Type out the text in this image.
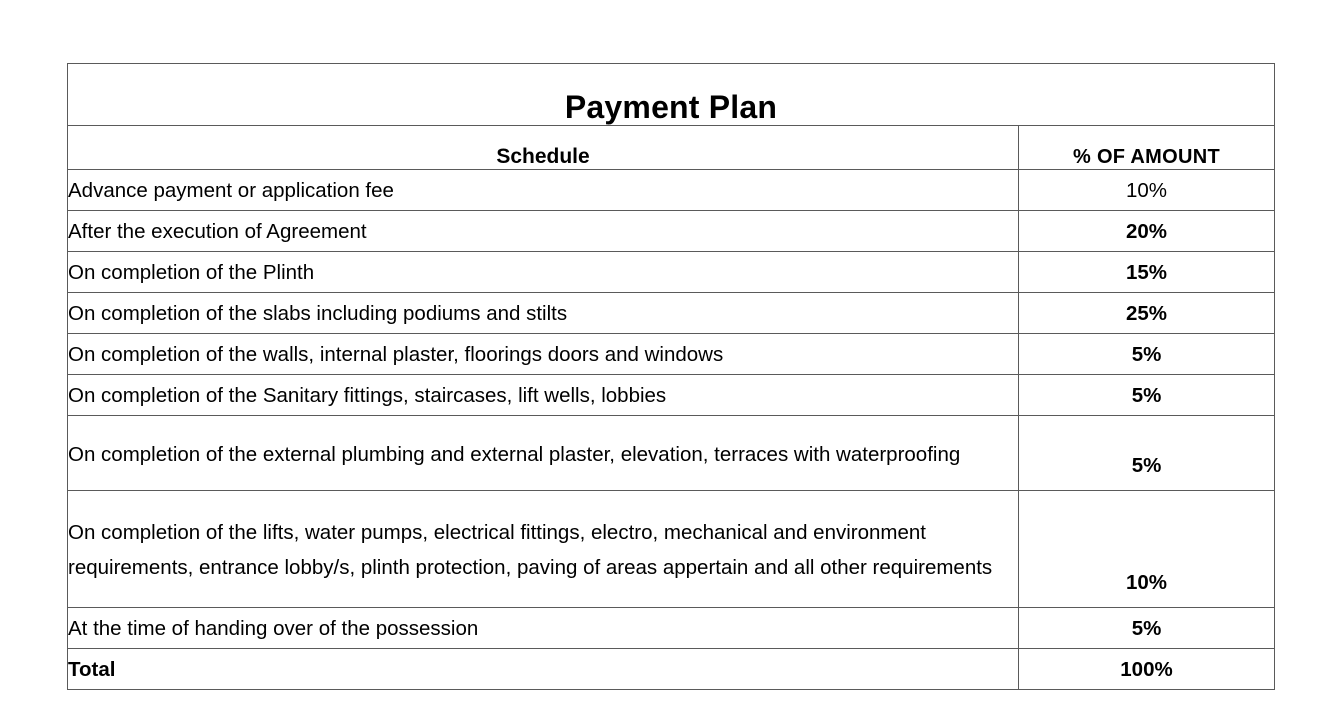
Payment Plan	
Schedule	% OF AMOUNT
Advance payment or application fee	10%
After the execution of Agreement	20%
On completion of the Plinth	15%
On completion of the slabs including podiums and stilts	25%
On completion of the walls, internal plaster, floorings doors and windows	5%
On completion of the Sanitary fittings, staircases, lift wells, lobbies	5%
On completion of the external plumbing and external plaster, elevation, terraces with waterproofing	5%
On completion of the lifts, water pumps, electrical fittings, electro, mechanical and environment requirements, entrance lobby/s, plinth protection, paving of areas appertain and all other requirements	10%
At the time of handing over of the possession	5%
Total	100%
